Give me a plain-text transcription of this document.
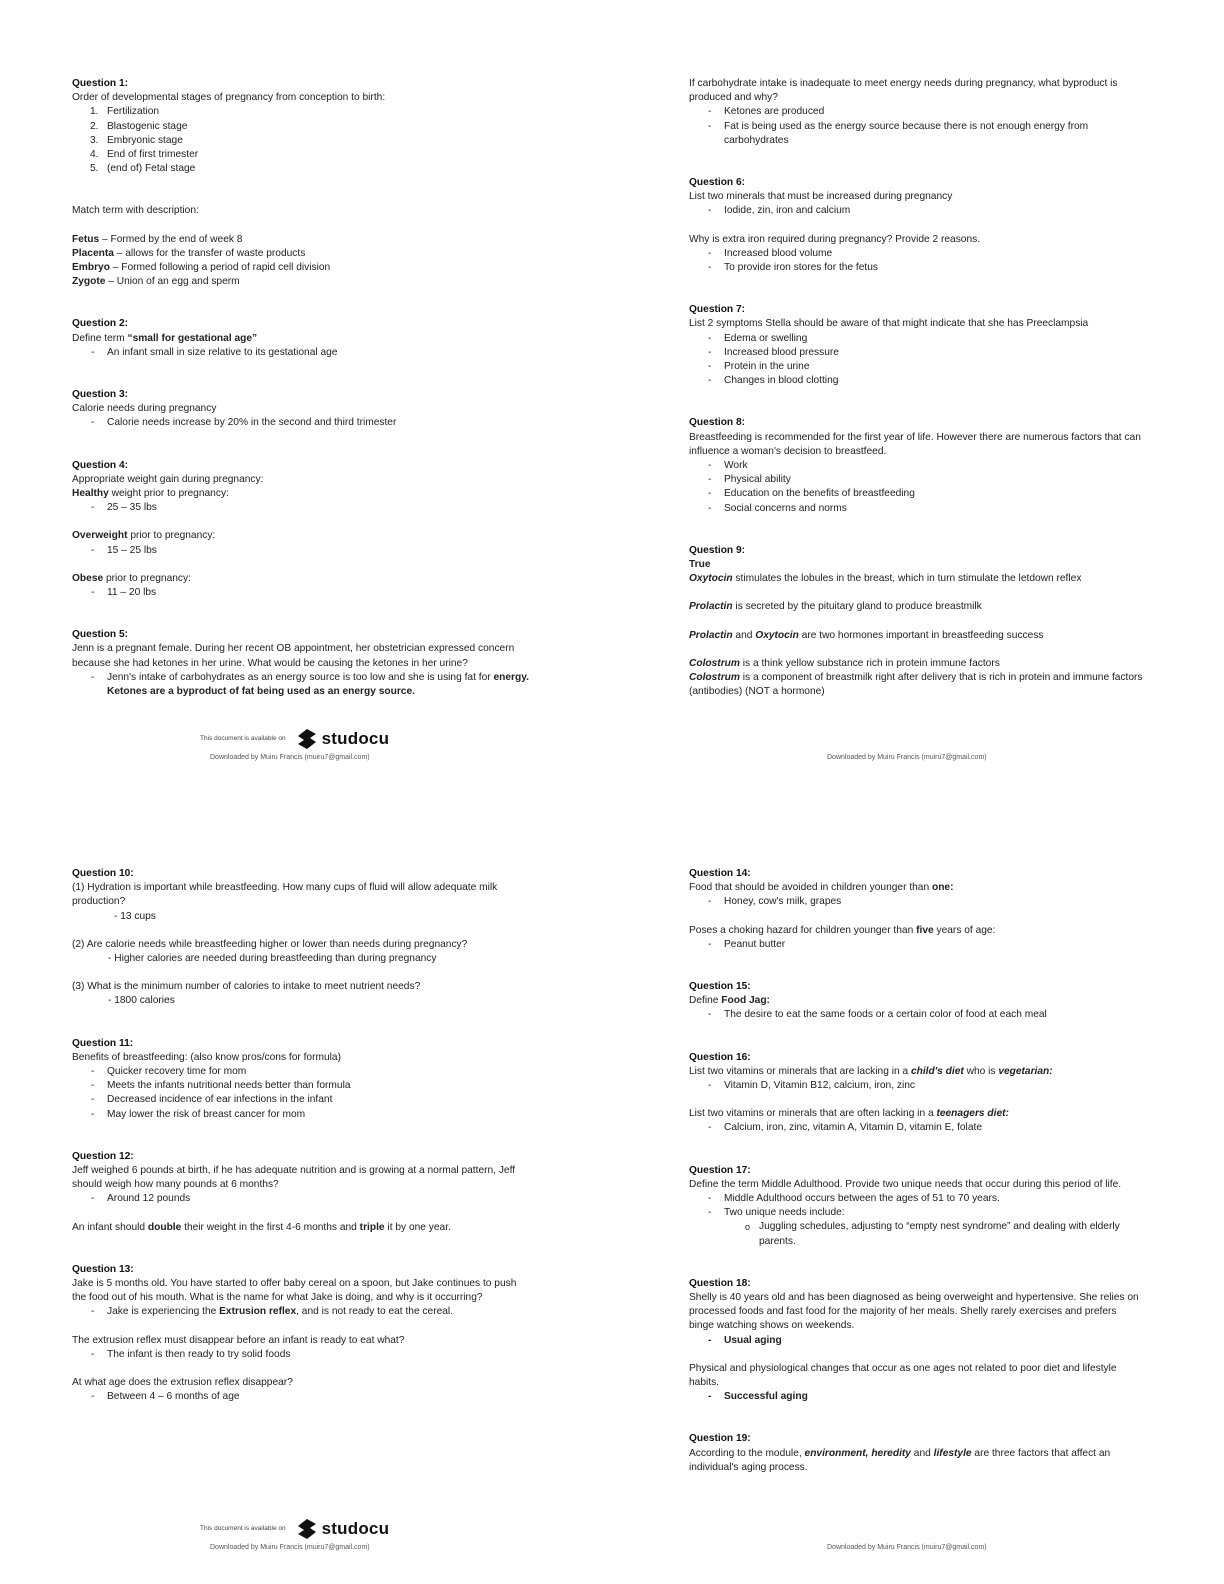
Question 1:

Order of developmental stages of pregnancy from conception to birth:

1. Fertilization
2. Blastogenic stage
3. Embryonic stage
4. End of first trimester
5. (end of) Fetal stage

Match term with description:

Fetus – Formed by the end of week 8

Placenta – allows for the transfer of waste products

Embryo – Formed following a period of rapid cell division

Zygote – Union of an egg and sperm

Question 2:

Define term “small for gestational age”

- An infant small in size relative to its gestational age

Question 3:

Calorie needs during pregnancy

- Calorie needs increase by 20% in the second and third trimester

Question 4:

Appropriate weight gain during pregnancy:

Healthy weight prior to pregnancy:

- 25 – 35 lbs

Overweight prior to pregnancy:

- 15 – 25 lbs

Obese prior to pregnancy:

- 11 – 20 lbs

Question 5:

Jenn is a pregnant female. During her recent OB appointment, her obstetrician expressed concern because she had ketones in her urine. What would be causing the ketones in her urine?

- Jenn's intake of carbohydrates as an energy source is too low and she is using fat for energy. Ketones are a byproduct of fat being used as an energy source.
This document is available on studocu
Downloaded by Muiru Francis (muiru7@gmail.com)

If carbohydrate intake is inadequate to meet energy needs during pregnancy, what byproduct is produced and why?

- Ketones are produced
- Fat is being used as the energy source because there is not enough energy from carbohydrates

Question 6:

List two minerals that must be increased during pregnancy

- Iodide, zin, iron and calcium

Why is extra iron required during pregnancy? Provide 2 reasons.

- Increased blood volume
- To provide iron stores for the fetus

Question 7:

List 2 symptoms Stella should be aware of that might indicate that she has Preeclampsia

- Edema or swelling
- Increased blood pressure
- Protein in the urine
- Changes in blood clotting

Question 8:

Breastfeeding is recommended for the first year of life. However there are numerous factors that can influence a woman's decision to breastfeed.

- Work
- Physical ability
- Education on the benefits of breastfeeding
- Social concerns and norms

Question 9:

True

Oxytocin stimulates the lobules in the breast, which in turn stimulate the letdown reflex

Prolactin is secreted by the pituitary gland to produce breastmilk

Prolactin and Oxytocin are two hormones important in breastfeeding success

Colostrum is a think yellow substance rich in protein immune factors

Colostrum is a component of breastmilk right after delivery that is rich in protein and immune factors (antibodies) (NOT a hormone)

Downloaded by Muiru Francis (muiru7@gmail.com)

Question 10:

(1) Hydration is important while breastfeeding. How many cups of fluid will allow adequate milk production?

- 13 cups

(2) Are calorie needs while breastfeeding higher or lower than needs during pregnancy?

- Higher calories are needed during breastfeeding than during pregnancy

(3) What is the minimum number of calories to intake to meet nutrient needs?

- 1800 calories

Question 11:

Benefits of breastfeeding: (also know pros/cons for formula)

- Quicker recovery time for mom
- Meets the infants nutritional needs better than formula
- Decreased incidence of ear infections in the infant
- May lower the risk of breast cancer for mom

Question 12:

Jeff weighed 6 pounds at birth, if he has adequate nutrition and is growing at a normal pattern, Jeff should weigh how many pounds at 6 months?

- Around 12 pounds

An infant should double their weight in the first 4-6 months and triple it by one year.

Question 13:

Jake is 5 months old. You have started to offer baby cereal on a spoon, but Jake continues to push the food out of his mouth. What is the name for what Jake is doing, and why is it occurring?

- Jake is experiencing the Extrusion reflex, and is not ready to eat the cereal.

The extrusion reflex must disappear before an infant is ready to eat what?

- The infant is then ready to try solid foods

At what age does the extrusion reflex disappear?

- Between 4 – 6 months of age
This document is available on studocu
Downloaded by Muiru Francis (muiru7@gmail.com)

Question 14:

Food that should be avoided in children younger than one:

- Honey, cow's milk, grapes

Poses a choking hazard for children younger than five years of age:

- Peanut butter

Question 15:

Define Food Jag:

- The desire to eat the same foods or a certain color of food at each meal

Question 16:

List two vitamins or minerals that are lacking in a child's diet who is vegetarian:

- Vitamin D, Vitamin B12, calcium, iron, zinc

List two vitamins or minerals that are often lacking in a teenagers diet:

- Calcium, iron, zinc, vitamin A, Vitamin D, vitamin E, folate

Question 17:

Define the term Middle Adulthood. Provide two unique needs that occur during this period of life.

- Middle Adulthood occurs between the ages of 51 to 70 years.
- Two unique needs include:
o Juggling schedules, adjusting to “empty nest syndrome” and dealing with elderly parents.

Question 18:

Shelly is 40 years old and has been diagnosed as being overweight and hypertensive. She relies on processed foods and fast food for the majority of her meals. Shelly rarely exercises and prefers binge watching shows on weekends.

- Usual aging

Physical and physiological changes that occur as one ages not related to poor diet and lifestyle habits.

- Successful aging

Question 19:

According to the module, environment, heredity and lifestyle are three factors that affect an individual's aging process.

Downloaded by Muiru Francis (muiru7@gmail.com)
